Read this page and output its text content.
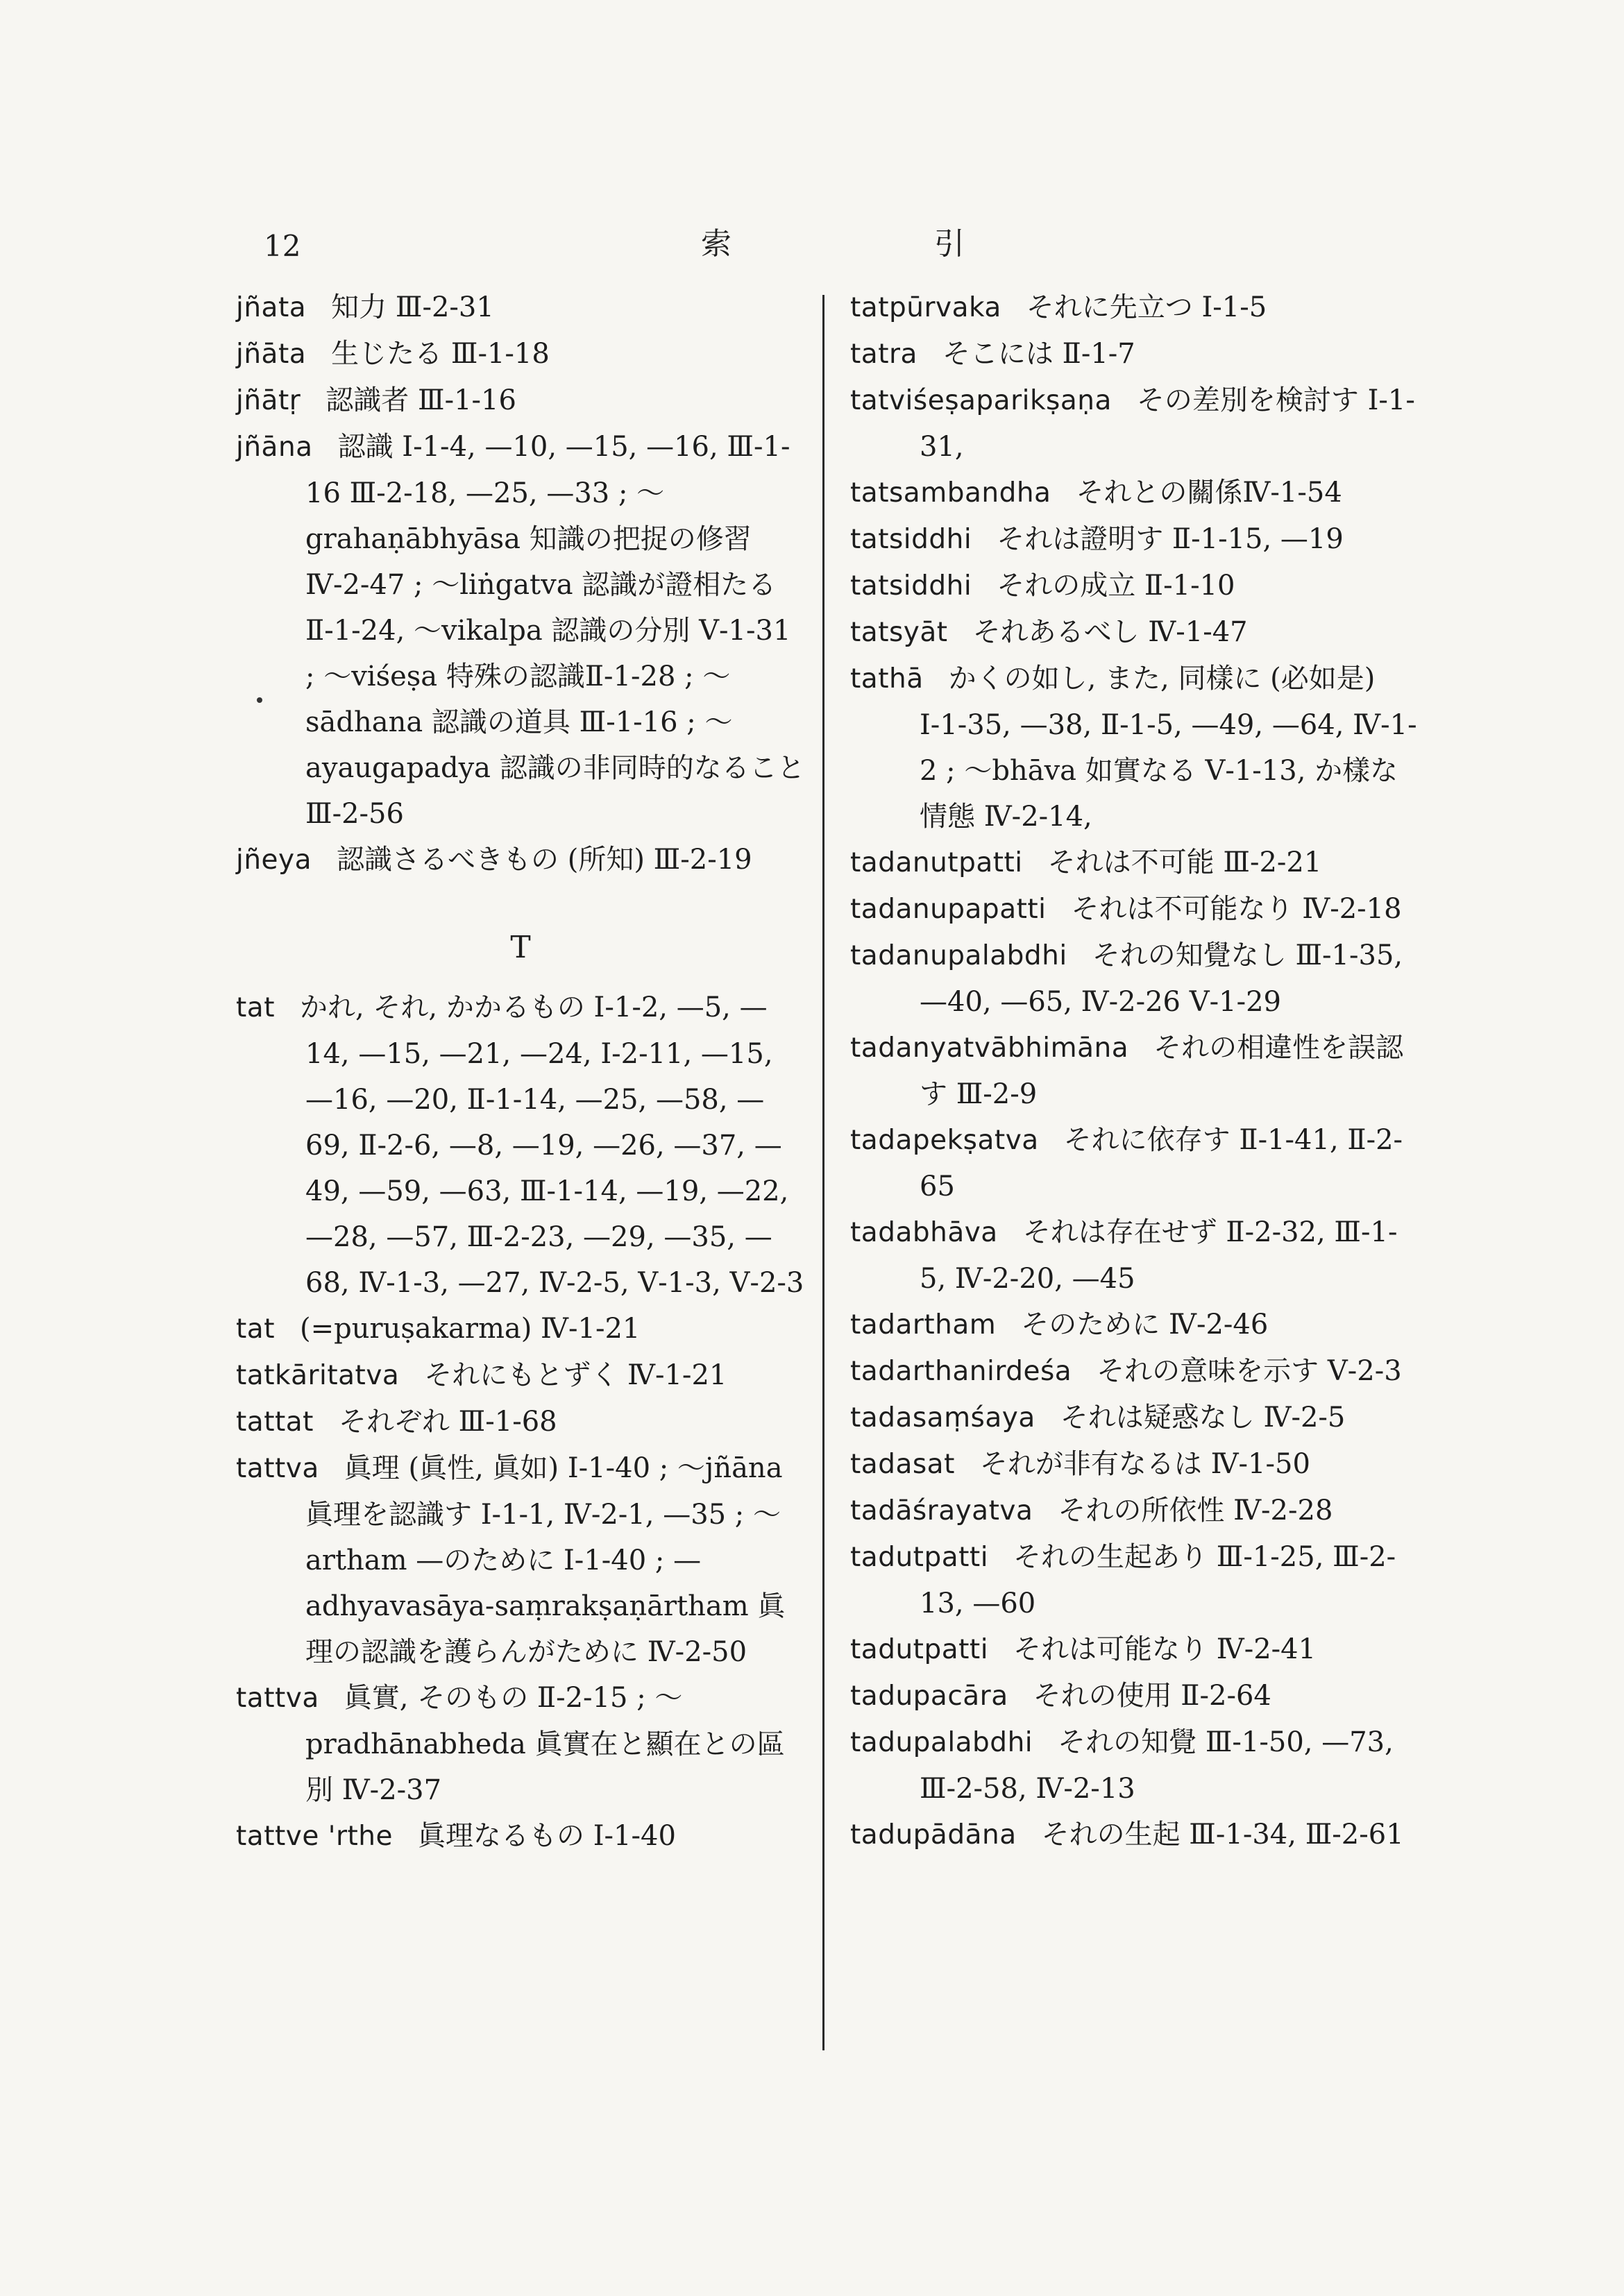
12	索	引
jñata 知力 Ⅲ-2-31
jñāta 生じたる Ⅲ-1-18
jñātṛ 認識者 Ⅲ-1-16
jñāna 認識 Ⅰ-1-4, —10, —15, —16, Ⅲ-1-16 Ⅲ-2-18, —25, —33 ; ～grahaṇābhyāsa 知識の把捉の修習 Ⅳ-2-47 ; ～liṅgatva 認識が證相たる Ⅱ-1-24, ～vikalpa 認識の分別 Ⅴ-1-31 ; ～viśeṣa 特殊の認識Ⅱ-1-28 ; ～sādhana 認識の道具 Ⅲ-1-16 ; ～ayaugapadya 認識の非同時的なること Ⅲ-2-56
jñeya 認識さるべきもの (所知) Ⅲ-2-19
T
tat かれ, それ, かかるもの Ⅰ-1-2, —5, —14, —15, —21, —24, Ⅰ-2-11, —15, —16, —20, Ⅱ-1-14, —25, —58, —69, Ⅱ-2-6, —8, —19, —26, —37, —49, —59, —63, Ⅲ-1-14, —19, —22, —28, —57, Ⅲ-2-23, —29, —35, —68, Ⅳ-1-3, —27, Ⅳ-2-5, Ⅴ-1-3, Ⅴ-2-3
tat (=puruṣakarma) Ⅳ-1-21
tatkāritatva それにもとずく Ⅳ-1-21
tattat それぞれ Ⅲ-1-68
tattva 眞理 (眞性, 眞如) Ⅰ-1-40 ; ～jñāna 眞理を認識す Ⅰ-1-1, Ⅳ-2-1, —35 ; ～artham —のために Ⅰ-1-40 ; —adhyavasāya-saṃrakṣaṇārtham 眞理の認識を護らんがために Ⅳ-2-50
tattva 眞實, そのもの Ⅱ-2-15 ; ～pradhānabheda 眞實在と顯在との區別 Ⅳ-2-37
tattve 'rthe 眞理なるもの Ⅰ-1-40
tatpūrvaka それに先立つ Ⅰ-1-5
tatra そこには Ⅱ-1-7
tatviśeṣaparikṣaṇa その差別を検討す Ⅰ-1-31,
tatsambandha それとの關係Ⅳ-1-54
tatsiddhi それは證明す Ⅱ-1-15, —19
tatsiddhi それの成立 Ⅱ-1-10
tatsyāt それあるべし Ⅳ-1-47
tathā かくの如し, また, 同樣に (必如是) Ⅰ-1-35, —38, Ⅱ-1-5, —49, —64, Ⅳ-1-2 ; ～bhāva 如實なる Ⅴ-1-13, か樣な情態 Ⅳ-2-14,
tadanutpatti それは不可能 Ⅲ-2-21
tadanupapatti それは不可能なり Ⅳ-2-18
tadanupalabdhi それの知覺なし Ⅲ-1-35, —40, —65, Ⅳ-2-26 Ⅴ-1-29
tadanyatvābhimāna それの相違性を誤認す Ⅲ-2-9
tadapekṣatva それに依存す Ⅱ-1-41, Ⅱ-2-65
tadabhāva それは存在せず Ⅱ-2-32, Ⅲ-1-5, Ⅳ-2-20, —45
tadartham そのために Ⅳ-2-46
tadarthanirdeśa それの意味を示す Ⅴ-2-3
tadasaṃśaya それは疑惑なし Ⅳ-2-5
tadasat それが非有なるは Ⅳ-1-50
tadāśrayatva それの所依性 Ⅳ-2-28
tadutpatti それの生起あり Ⅲ-1-25, Ⅲ-2-13, —60
tadutpatti それは可能なり Ⅳ-2-41
tadupacāra それの使用 Ⅱ-2-64
tadupalabdhi それの知覺 Ⅲ-1-50, —73, Ⅲ-2-58, Ⅳ-2-13
tadupādāna それの生起 Ⅲ-1-34, Ⅲ-2-61
